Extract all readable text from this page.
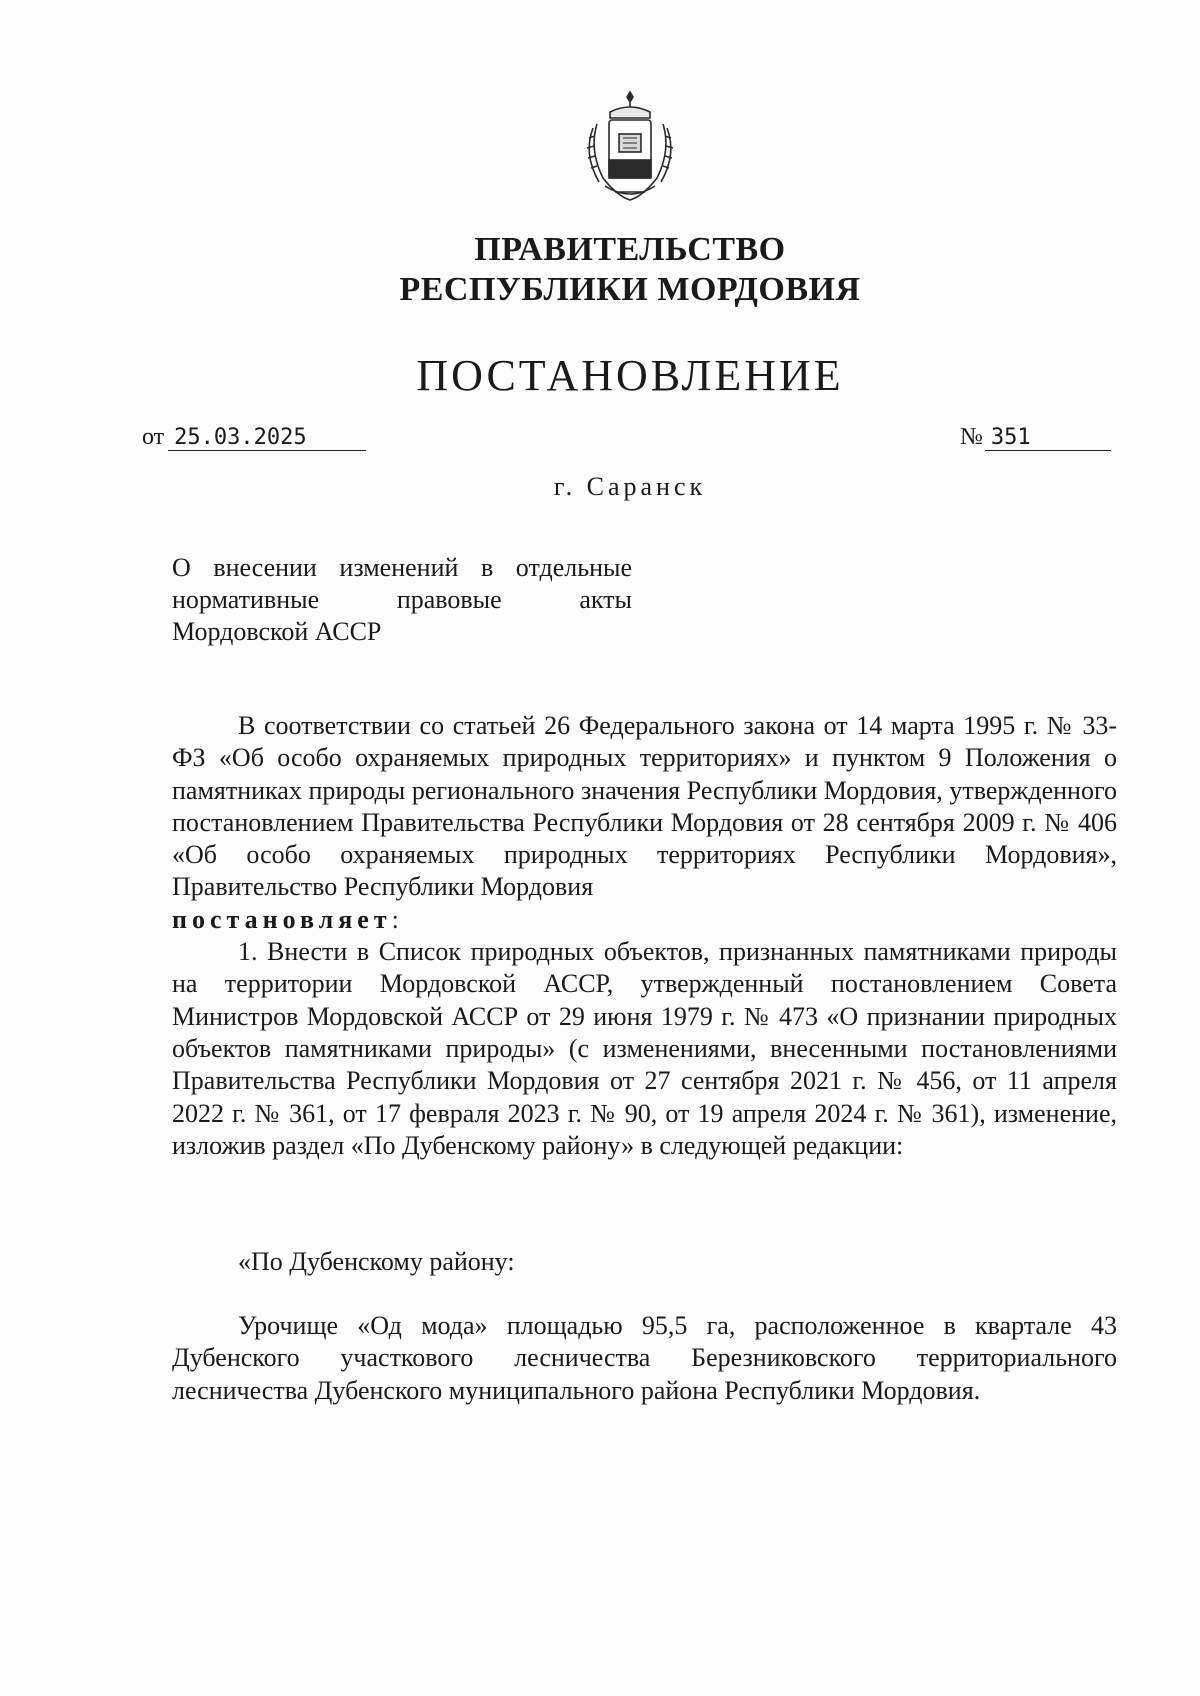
ПРАВИТЕЛЬСТВО
РЕСПУБЛИКИ МОРДОВИЯ
ПОСТАНОВЛЕНИЕ
от 25.03.2025	№ 351
г. Саранск
О внесении изменений в отдельные
нормативные правовые акты
Мордовской АССР

В соответствии со статьей 26 Федерального закона от 14 марта 1995 г. № 33-ФЗ «Об особо охраняемых природных территориях» и пунктом 9 Положения о памятниках природы регионального значения Республики Мордовия, утвержденного постановлением Правительства Республики Мордовия от 28 сентября 2009 г. № 406 «Об особо охраняемых природных территориях Республики Мордовия», Правительство Республики Мордовия
постановляет:

1. Внести в Список природных объектов, признанных памятниками природы на территории Мордовской АССР, утвержденный постановлением Совета Министров Мордовской АССР от 29 июня 1979 г. № 473 «О признании природных объектов памятниками природы» (с изменениями, внесенными постановлениями Правительства Республики Мордовия от 27 сентября 2021 г. № 456, от 11 апреля 2022 г. № 361, от 17 февраля 2023 г. № 90, от 19 апреля 2024 г. № 361), изменение, изложив раздел «По Дубенскому району» в следующей редакции:

«По Дубенскому району:

Урочище «Од мода» площадью 95,5 га, расположенное в квартале 43 Дубенского участкового лесничества Березниковского территориального лесничества Дубенского муниципального района Республики Мордовия.
